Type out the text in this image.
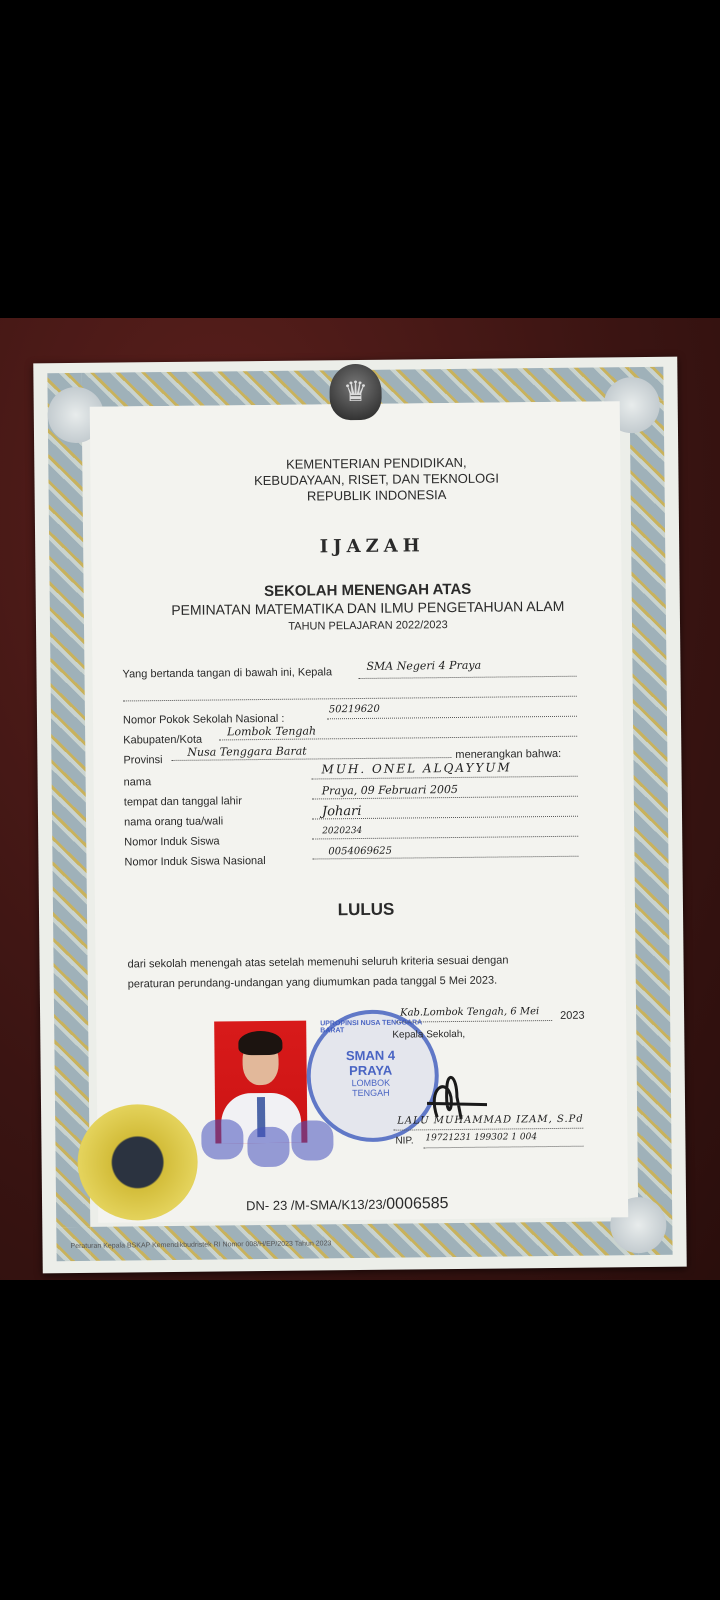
♛
KEMENTERIAN PENDIDIKAN,
KEBUDAYAAN, RISET, DAN TEKNOLOGI
REPUBLIK INDONESIA
IJAZAH
SEKOLAH MENENGAH ATAS
PEMINATAN MATEMATIKA DAN ILMU PENGETAHUAN ALAM
TAHUN PELAJARAN 2022/2023
Yang bertanda tangan di bawah ini, Kepala
SMA Negeri 4 Praya
Nomor Pokok Sekolah Nasional :
50219620
Kabupaten/Kota
Lombok Tengah
Provinsi
Nusa Tenggara Barat	menerangkan bahwa:
nama
MUH. ONEL ALQAYYUM
tempat dan tanggal lahir
Praya, 09 Februari 2005
nama orang tua/wali
Johari
Nomor Induk Siswa
2020234
Nomor Induk Siswa Nasional
0054069625
LULUS
dari sekolah menengah atas setelah memenuhi seluruh kriteria sesuai dengan
peraturan perundang-undangan yang diumumkan pada tanggal 5 Mei 2023.
UPROPINSI NUSA TENGGARA BARAT
SMAN 4 PRAYA
LOMBOK TENGAH
Kab.Lombok Tengah, 6 Mei 2023
Kepala Sekolah,
LALU MUHAMMAD IZAM, S.Pd
NIP. 19721231 199302 1 004
DN- 23 /M-SMA/K13/23/0006585
Peraturan Kepala BSKAP Kemendikbudristek RI Nomor 008/H/EP/2023 Tahun 2023
